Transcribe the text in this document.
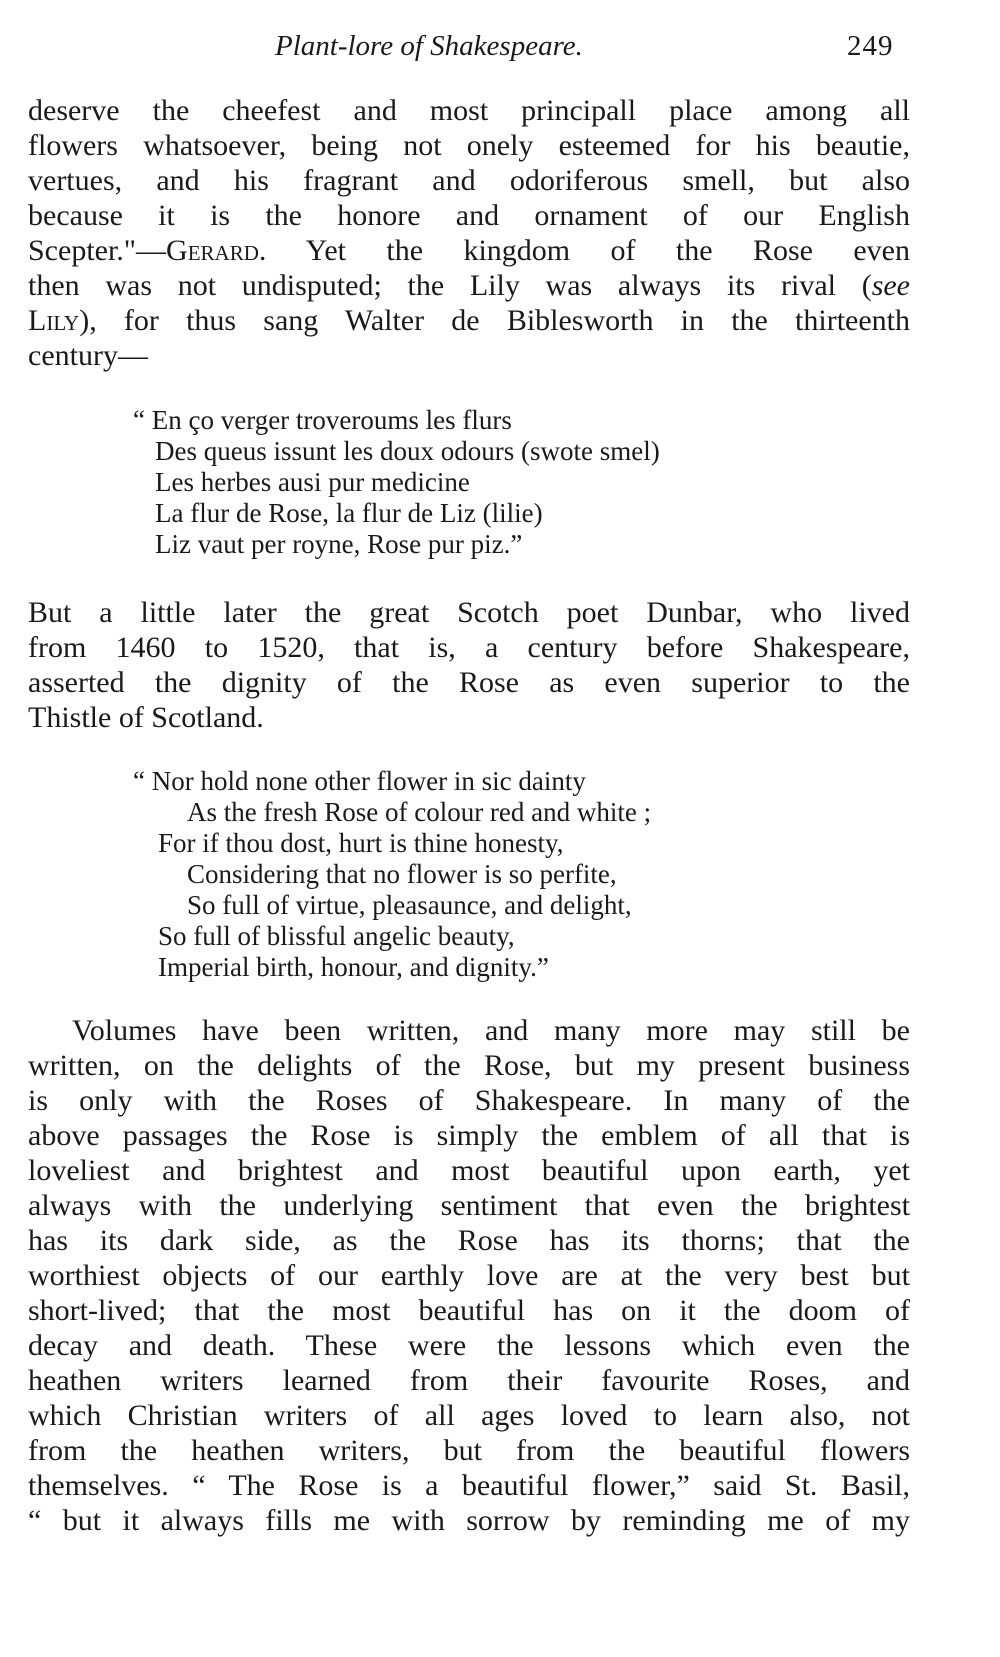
Plant-lore of Shakespeare.	249
deserve the cheefest and most principall place among all
flowers whatsoever, being not onely esteemed for his beautie,
vertues, and his fragrant and odoriferous smell, but also
because it is the honore and ornament of our English
Scepter."—Gerard. Yet the kingdom of the Rose even
then was not undisputed; the Lily was always its rival (see
Lily), for thus sang Walter de Biblesworth in the thirteenth
century—
“ En ço verger troveroums les flurs
Des queus issunt les doux odours (swote smel)
Les herbes ausi pur medicine
La flur de Rose, la flur de Liz (lilie)
Liz vaut per royne, Rose pur piz.”
But a little later the great Scotch poet Dunbar, who lived
from 1460 to 1520, that is, a century before Shakespeare,
asserted the dignity of the Rose as even superior to the
Thistle of Scotland.
“ Nor hold none other flower in sic dainty
As the fresh Rose of colour red and white ;
For if thou dost, hurt is thine honesty,
Considering that no flower is so perfite,
So full of virtue, pleasaunce, and delight,
So full of blissful angelic beauty,
Imperial birth, honour, and dignity.”
Volumes have been written, and many more may still be
written, on the delights of the Rose, but my present business
is only with the Roses of Shakespeare. In many of the
above passages the Rose is simply the emblem of all that is
loveliest and brightest and most beautiful upon earth, yet
always with the underlying sentiment that even the brightest
has its dark side, as the Rose has its thorns; that the
worthiest objects of our earthly love are at the very best but
short-lived; that the most beautiful has on it the doom of
decay and death. These were the lessons which even the
heathen writers learned from their favourite Roses, and
which Christian writers of all ages loved to learn also, not
from the heathen writers, but from the beautiful flowers
themselves. “ The Rose is a beautiful flower,” said St. Basil,
“ but it always fills me with sorrow by reminding me of my
